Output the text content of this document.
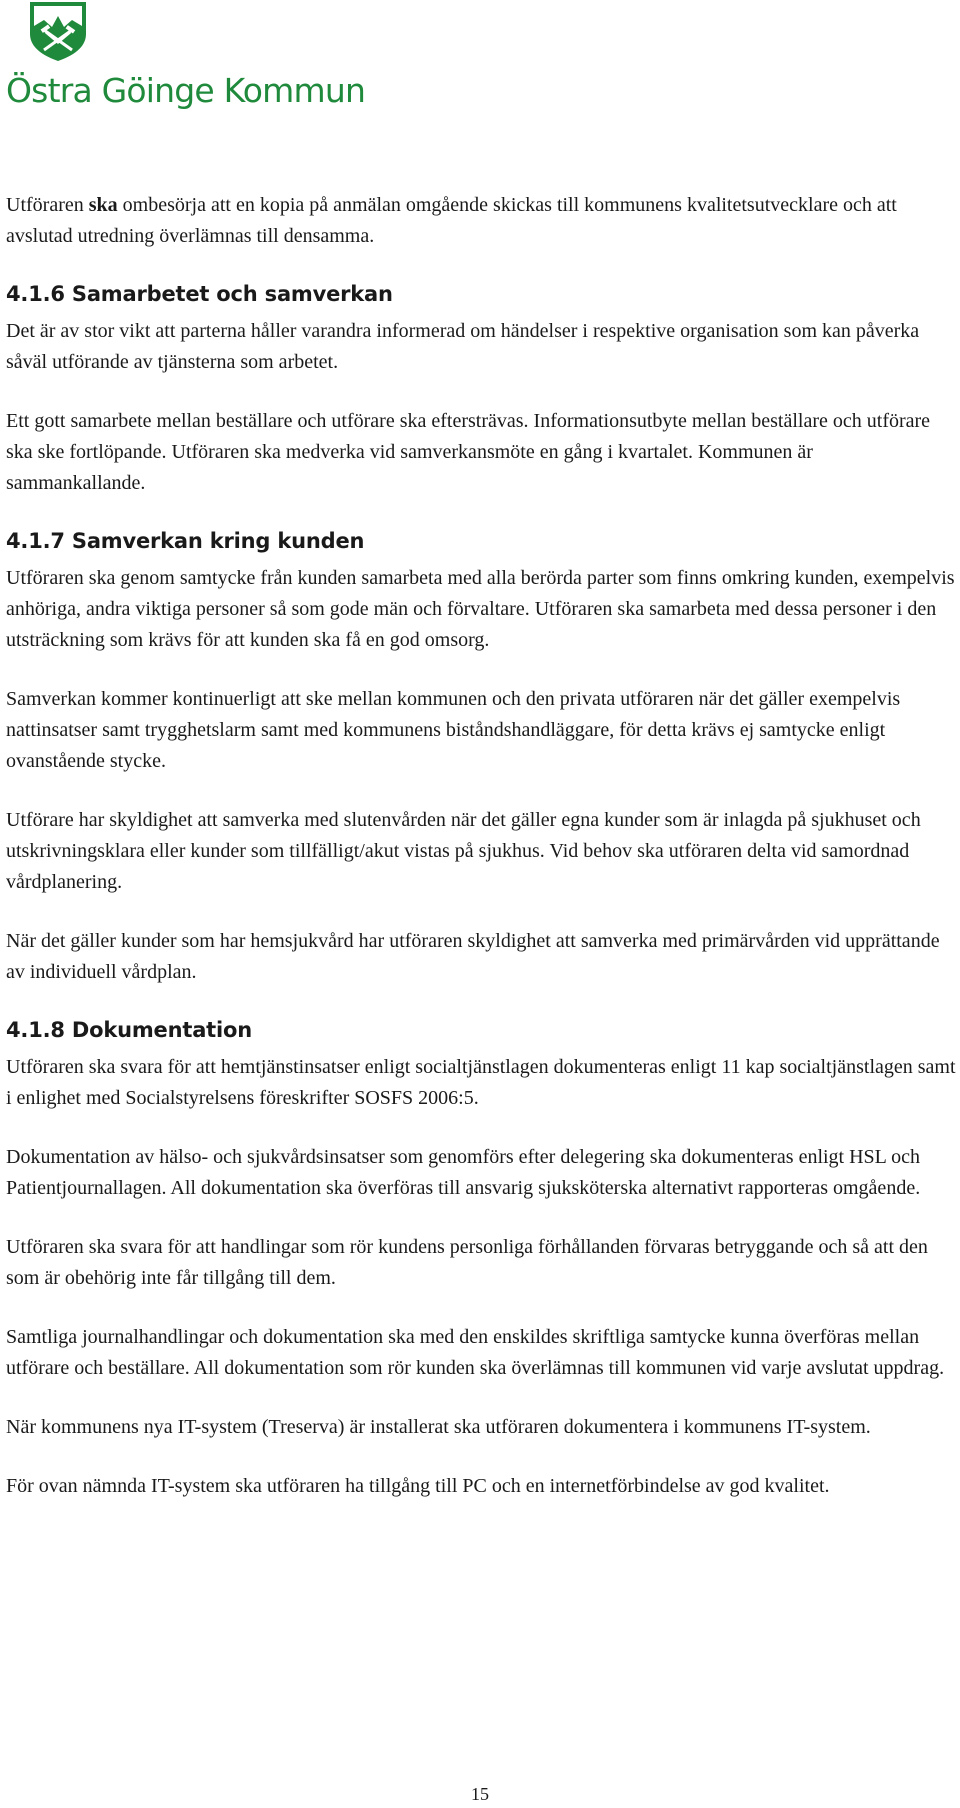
Östra Göinge Kommun

Utföraren ska ombesörja att en kopia på anmälan omgående skickas till kommunens kvalitetsutvecklare och att avslutad utredning överlämnas till densamma.

4.1.6 Samarbetet och samverkan

Det är av stor vikt att parterna håller varandra informerad om händelser i respektive organisation som kan påverka såväl utförande av tjänsterna som arbetet.

Ett gott samarbete mellan beställare och utförare ska eftersträvas. Informationsutbyte mellan beställare och utförare ska ske fortlöpande. Utföraren ska medverka vid samverkansmöte en gång i kvartalet. Kommunen är sammankallande.

4.1.7 Samverkan kring kunden

Utföraren ska genom samtycke från kunden samarbeta med alla berörda parter som finns omkring kunden, exempelvis anhöriga, andra viktiga personer så som gode män och förvaltare. Utföraren ska samarbeta med dessa personer i den utsträckning som krävs för att kunden ska få en god omsorg.

Samverkan kommer kontinuerligt att ske mellan kommunen och den privata utföraren när det gäller exempelvis nattinsatser samt trygghetslarm samt med kommunens biståndshandläggare, för detta krävs ej samtycke enligt ovanstående stycke.

Utförare har skyldighet att samverka med slutenvården när det gäller egna kunder som är inlagda på sjukhuset och utskrivningsklara eller kunder som tillfälligt/akut vistas på sjukhus. Vid behov ska utföraren delta vid samordnad vårdplanering.

När det gäller kunder som har hemsjukvård har utföraren skyldighet att samverka med primärvården vid upprättande av individuell vårdplan.

4.1.8 Dokumentation

Utföraren ska svara för att hemtjänstinsatser enligt socialtjänstlagen dokumenteras enligt 11 kap socialtjänstlagen samt i enlighet med Socialstyrelsens föreskrifter SOSFS 2006:5.

Dokumentation av hälso- och sjukvårdsinsatser som genomförs efter delegering ska dokumenteras enligt HSL och Patientjournallagen. All dokumentation ska överföras till ansvarig sjuksköterska alternativt rapporteras omgående.

Utföraren ska svara för att handlingar som rör kundens personliga förhållanden förvaras betryggande och så att den som är obehörig inte får tillgång till dem.

Samtliga journalhandlingar och dokumentation ska med den enskildes skriftliga samtycke kunna överföras mellan utförare och beställare. All dokumentation som rör kunden ska överlämnas till kommunen vid varje avslutat uppdrag.

När kommunens nya IT-system (Treserva) är installerat ska utföraren dokumentera i kommunens IT-system.

För ovan nämnda IT-system ska utföraren ha tillgång till PC och en internetförbindelse av god kvalitet.

15
